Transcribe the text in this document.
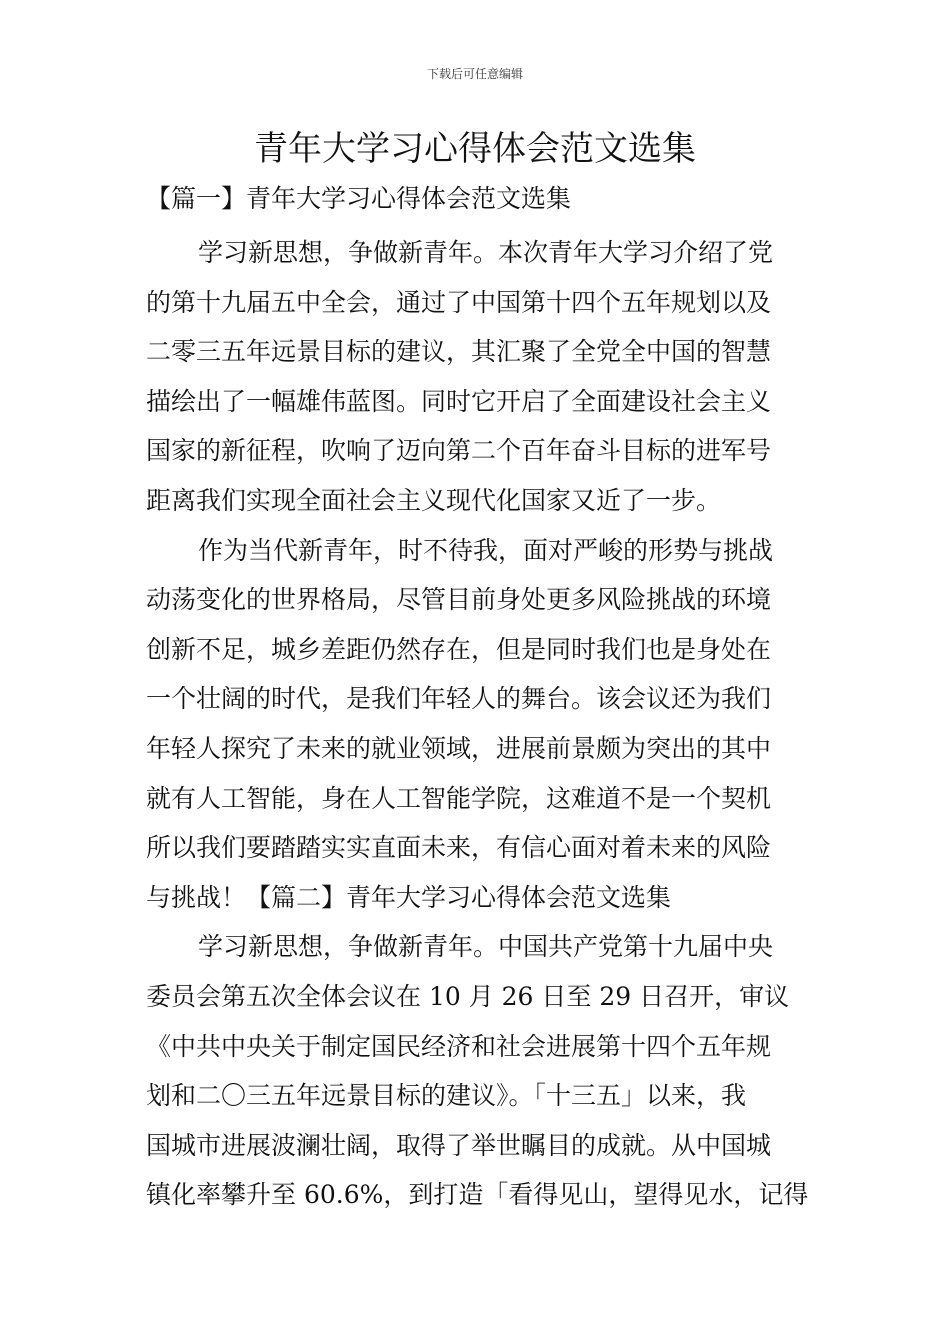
下载后可任意编辑
青年大学习心得体会范文选集
【篇一】青年大学习心得体会范文选集
学习新思想，争做新青年。本次青年大学习介绍了党
的第十九届五中全会，通过了中国第十四个五年规划以及
二零三五年远景目标的建议，其汇聚了全党全中国的智慧
描绘出了一幅雄伟蓝图。同时它开启了全面建设社会主义
国家的新征程，吹响了迈向第二个百年奋斗目标的进军号
距离我们实现全面社会主义现代化国家又近了一步。
作为当代新青年，时不待我，面对严峻的形势与挑战
动荡变化的世界格局，尽管目前身处更多风险挑战的环境
创新不足，城乡差距仍然存在，但是同时我们也是身处在
一个壮阔的时代，是我们年轻人的舞台。该会议还为我们
年轻人探究了未来的就业领域，进展前景颇为突出的其中
就有人工智能，身在人工智能学院，这难道不是一个契机
所以我们要踏踏实实直面未来，有信心面对着未来的风险
与挑战！【篇二】青年大学习心得体会范文选集
学习新思想，争做新青年。中国共产党第十九届中央
委员会第五次全体会议在 10 月 26 日至 29 日召开，审议
《中共中央关于制定国民经济和社会进展第十四个五年规
划和二〇三五年远景目标的建议》。「十三五」以来，我
国城市进展波澜壮阔，取得了举世瞩目的成就。从中国城
镇化率攀升至 60.6%，到打造「看得见山，望得见水，记得
